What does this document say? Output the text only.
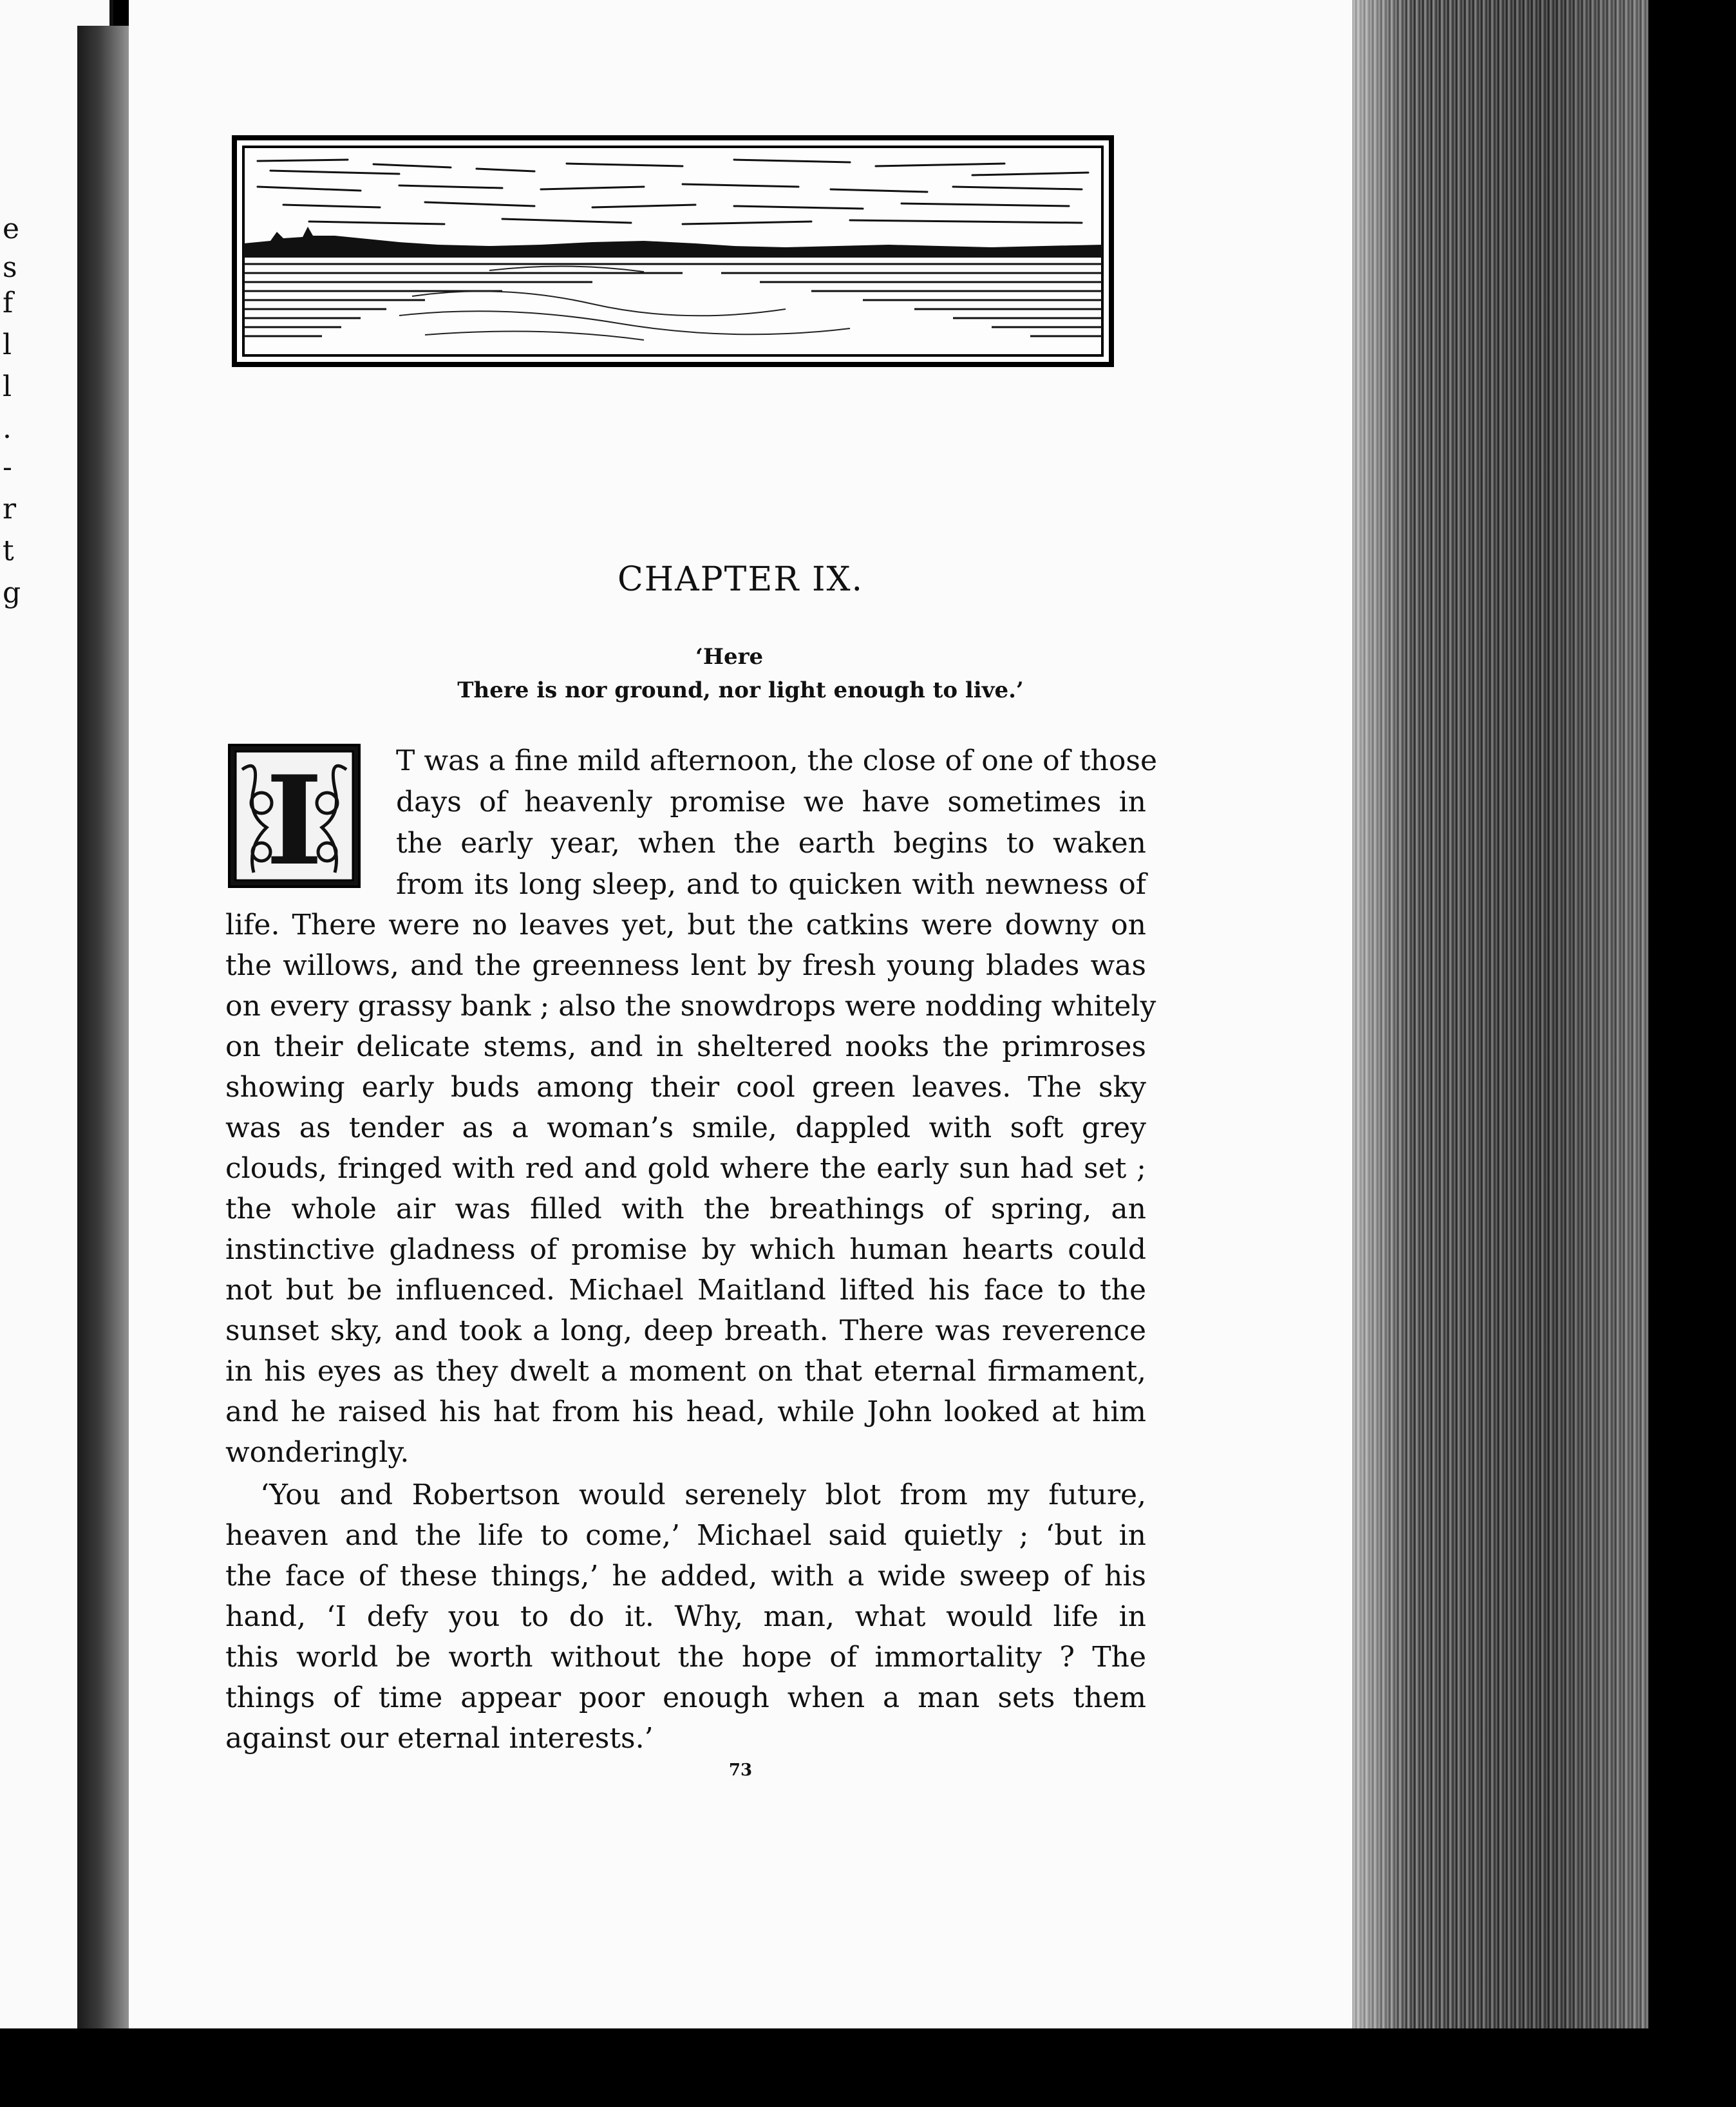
e
s
f
l
l
.
-
r
t
g	CHAPTER IX.
‘Here
There is nor ground, nor light enough to live.’
I	T was a fine mild afternoon, the close of one of those
days of heavenly promise we have sometimes in
the early year, when the earth begins to waken
from its long sleep, and to quicken with newness of
life. There were no leaves yet, but the catkins were downy on
the willows, and the greenness lent by fresh young blades was
on every grassy bank ; also the snowdrops were nodding whitely
on their delicate stems, and in sheltered nooks the primroses
showing early buds among their cool green leaves. The sky
was as tender as a woman’s smile, dappled with soft grey
clouds, fringed with red and gold where the early sun had set ;
the whole air was filled with the breathings of spring, an
instinctive gladness of promise by which human hearts could
not but be influenced. Michael Maitland lifted his face to the
sunset sky, and took a long, deep breath. There was reverence
in his eyes as they dwelt a moment on that eternal firmament,
and he raised his hat from his head, while John looked at him
wonderingly.
‘You and Robertson would serenely blot from my future,
heaven and the life to come,’ Michael said quietly ; ‘but in
the face of these things,’ he added, with a wide sweep of his
hand, ‘I defy you to do it. Why, man, what would life in
this world be worth without the hope of immortality ? The
things of time appear poor enough when a man sets them
against our eternal interests.’
73
